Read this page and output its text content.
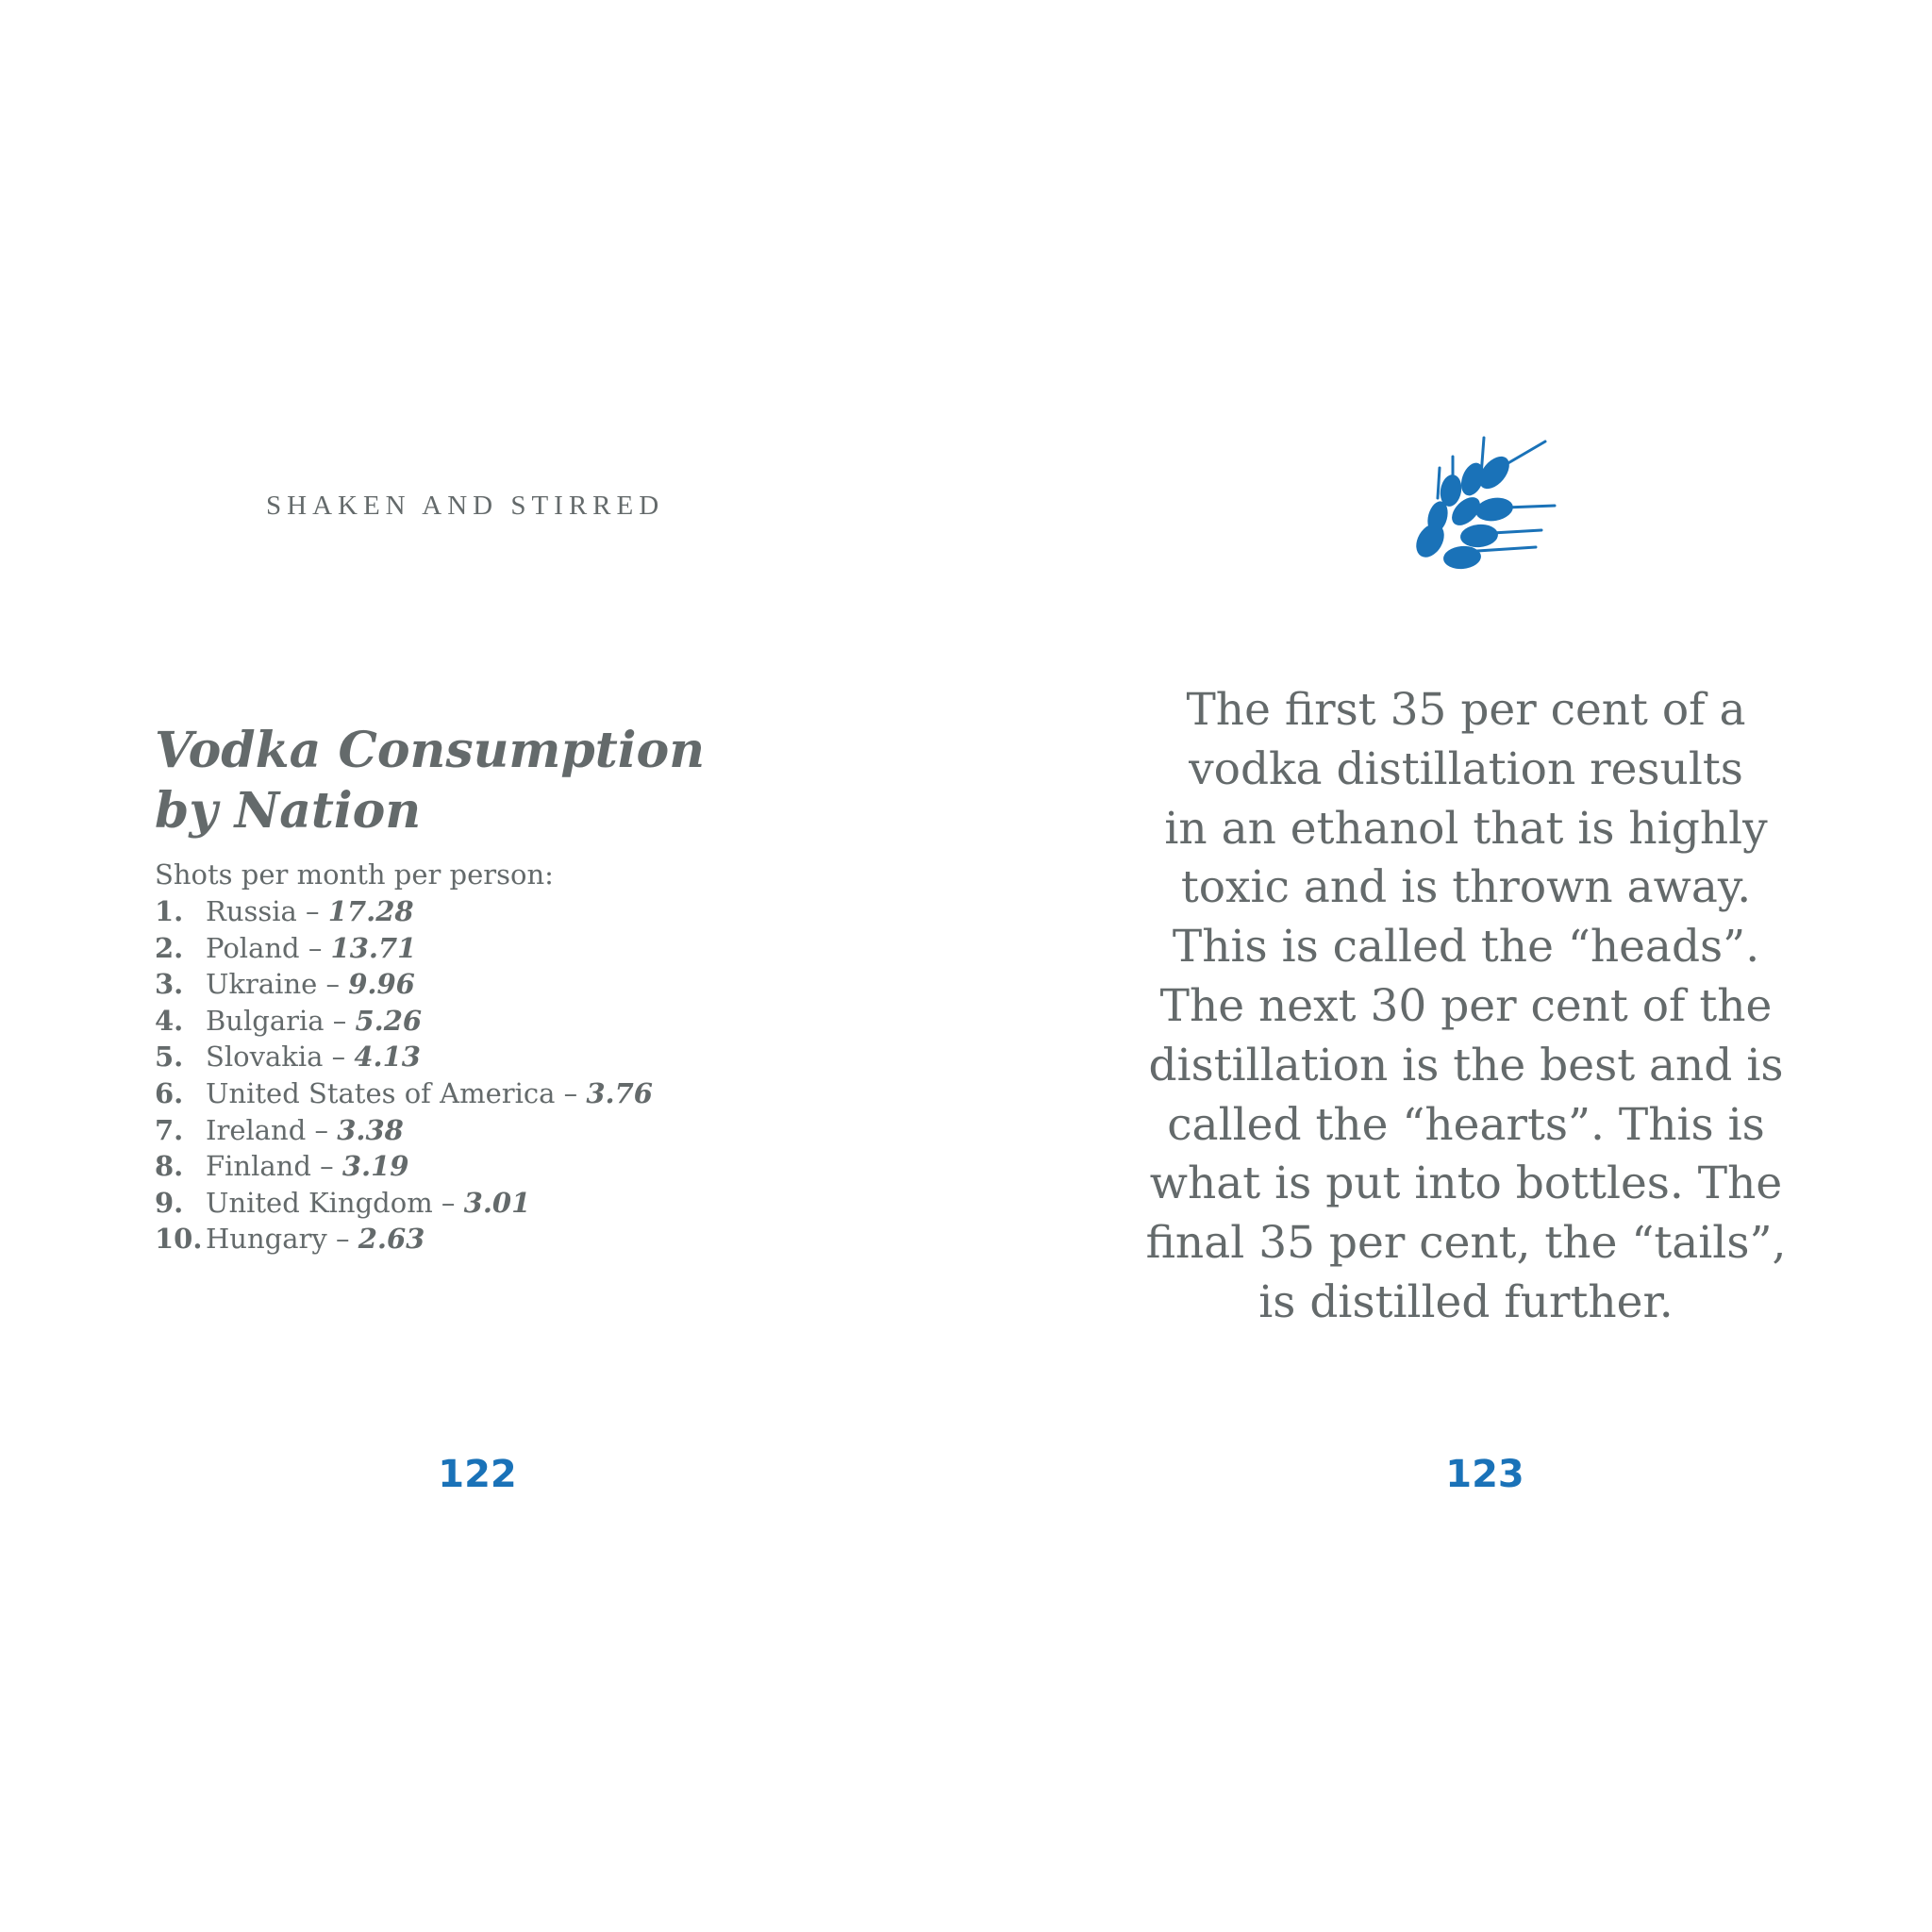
SHAKEN AND STIRRED
Vodka Consumption
by Nation
Shots per month per person:
1. Russia – 17.28
2. Poland – 13.71
3. Ukraine – 9.96
4. Bulgaria – 5.26
5. Slovakia – 4.13
6. United States of America – 3.76
7. Ireland – 3.38
8. Finland – 3.19
9. United Kingdom – 3.01
10. Hungary – 2.63
122

The first 35 per cent of a
vodka distillation results
in an ethanol that is highly
toxic and is thrown away.
This is called the “heads”.
The next 30 per cent of the
distillation is the best and is
called the “hearts”. This is
what is put into bottles. The
final 35 per cent, the “tails”,
is distilled further.

123
